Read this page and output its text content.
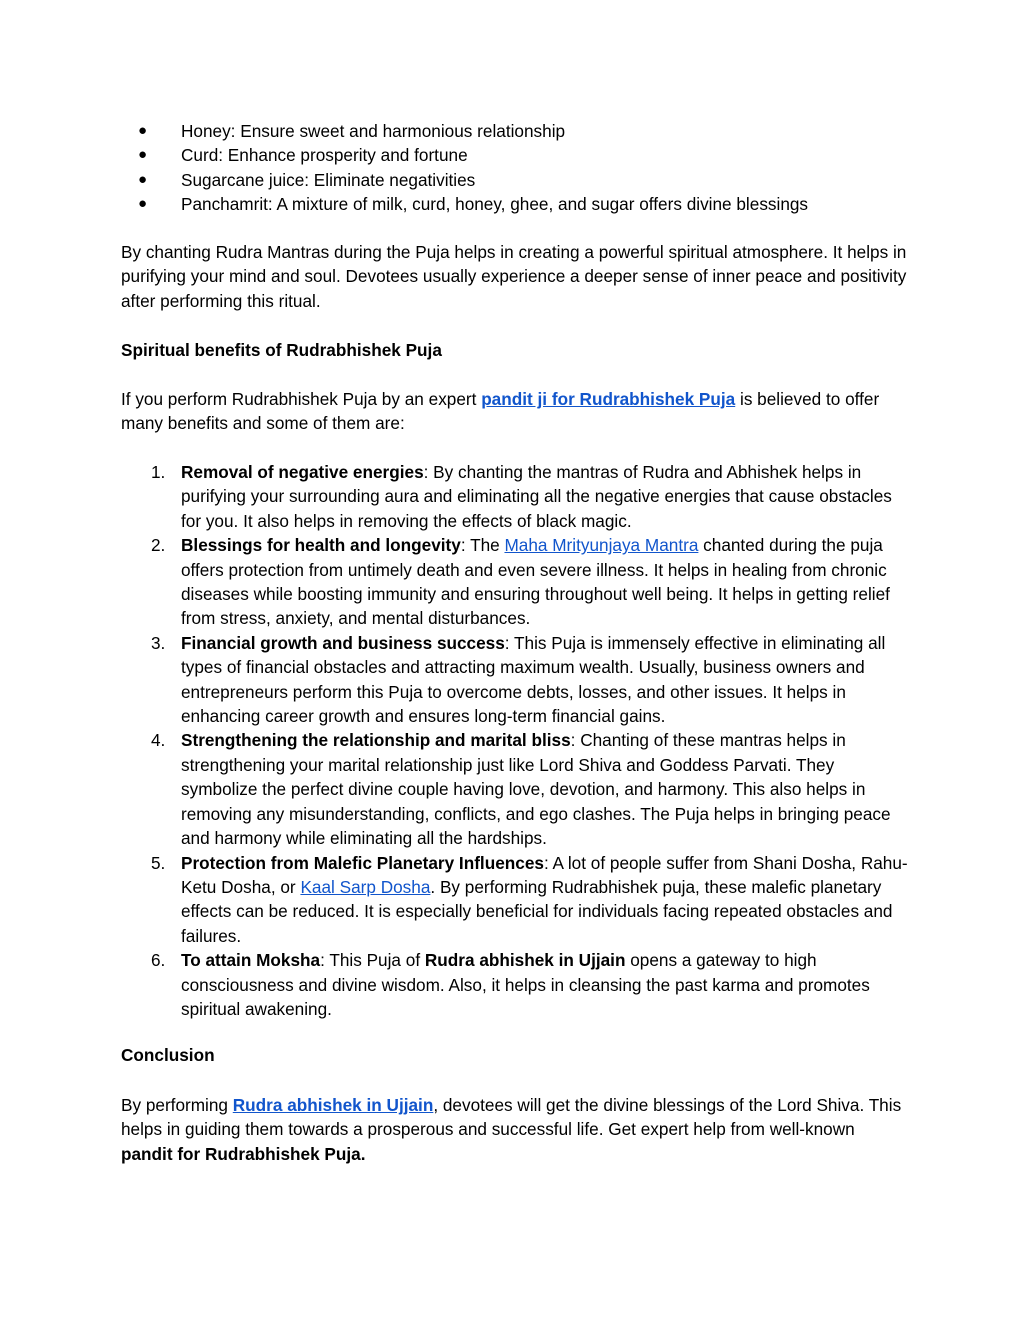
● Honey: Ensure sweet and harmonious relationship
● Curd: Enhance prosperity and fortune
● Sugarcane juice: Eliminate negativities
● Panchamrit: A mixture of milk, curd, honey, ghee, and sugar offers divine blessings

By chanting Rudra Mantras during the Puja helps in creating a powerful spiritual atmosphere. It helps in purifying your mind and soul. Devotees usually experience a deeper sense of inner peace and positivity after performing this ritual.

Spiritual benefits of Rudrabhishek Puja

If you perform Rudrabhishek Puja by an expert pandit ji for Rudrabhishek Puja is believed to offer many benefits and some of them are:

1. Removal of negative energies: By chanting the mantras of Rudra and Abhishek helps in purifying your surrounding aura and eliminating all the negative energies that cause obstacles for you. It also helps in removing the effects of black magic.
2. Blessings for health and longevity: The Maha Mrityunjaya Mantra chanted during the puja offers protection from untimely death and even severe illness. It helps in healing from chronic diseases while boosting immunity and ensuring throughout well being. It helps in getting relief from stress, anxiety, and mental disturbances.
3. Financial growth and business success: This Puja is immensely effective in eliminating all types of financial obstacles and attracting maximum wealth. Usually, business owners and entrepreneurs perform this Puja to overcome debts, losses, and other issues. It helps in enhancing career growth and ensures long-term financial gains.
4. Strengthening the relationship and marital bliss: Chanting of these mantras helps in strengthening your marital relationship just like Lord Shiva and Goddess Parvati. They symbolize the perfect divine couple having love, devotion, and harmony. This also helps in removing any misunderstanding, conflicts, and ego clashes. The Puja helps in bringing peace and harmony while eliminating all the hardships.
5. Protection from Malefic Planetary Influences: A lot of people suffer from Shani Dosha, Rahu-Ketu Dosha, or Kaal Sarp Dosha. By performing Rudrabhishek puja, these malefic planetary effects can be reduced. It is especially beneficial for individuals facing repeated obstacles and failures.
6. To attain Moksha: This Puja of Rudra abhishek in Ujjain opens a gateway to high consciousness and divine wisdom. Also, it helps in cleansing the past karma and promotes spiritual awakening.
Conclusion

By performing Rudra abhishek in Ujjain, devotees will get the divine blessings of the Lord Shiva. This helps in guiding them towards a prosperous and successful life. Get expert help from well-known pandit for Rudrabhishek Puja.
